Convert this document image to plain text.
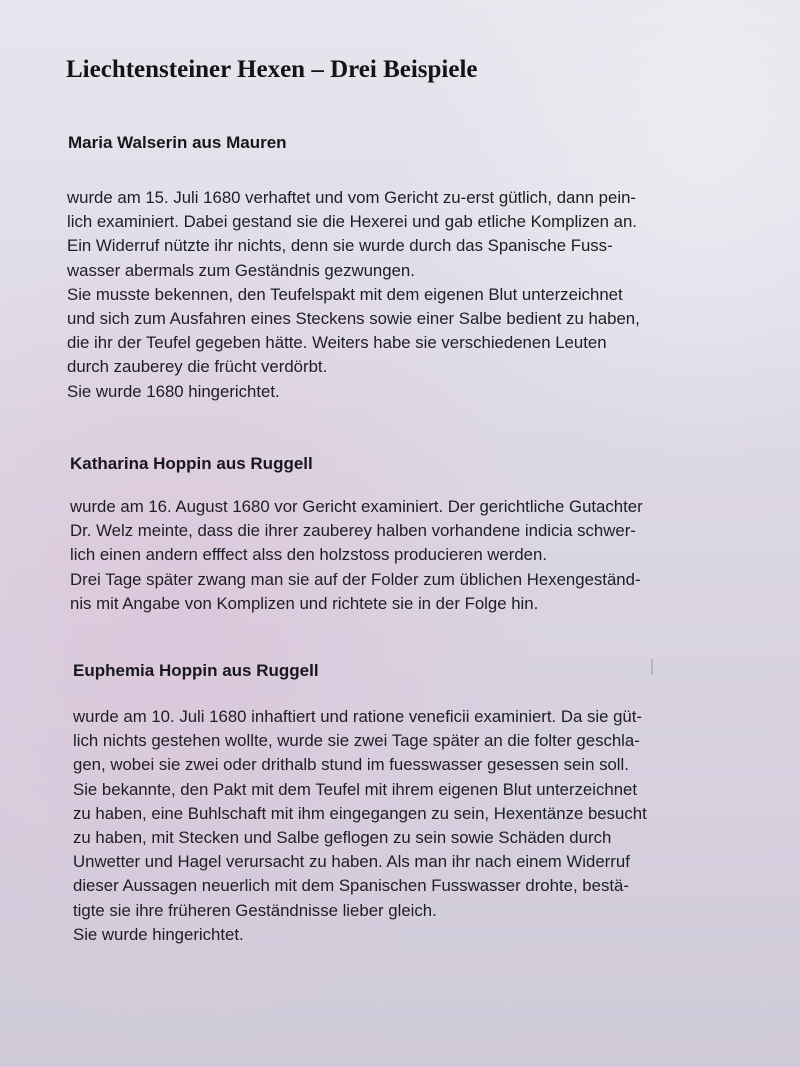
Liechtensteiner Hexen – Drei Beispiele
Maria Walserin aus Mauren

wurde am 15. Juli 1680 verhaftet und vom Gericht zu-erst gütlich, dann pein-
lich examiniert. Dabei gestand sie die Hexerei und gab etliche Komplizen an.
Ein Widerruf nützte ihr nichts, denn sie wurde durch das Spanische Fuss-
wasser abermals zum Geständnis gezwungen.
Sie musste bekennen, den Teufelspakt mit dem eigenen Blut unterzeichnet
und sich zum Ausfahren eines Steckens sowie einer Salbe bedient zu haben,
die ihr der Teufel gegeben hätte. Weiters habe sie verschiedenen Leuten
durch zauberey die frücht verdörbt.
Sie wurde 1680 hingerichtet.

Katharina Hoppin aus Ruggell

wurde am 16. August 1680 vor Gericht examiniert. Der gerichtliche Gutachter
Dr. Welz meinte, dass die ihrer zauberey halben vorhandene indicia schwer-
lich einen andern efffect alss den holzstoss producieren werden.
Drei Tage später zwang man sie auf der Folder zum üblichen Hexengeständ-
nis mit Angabe von Komplizen und richtete sie in der Folge hin.

Euphemia Hoppin aus Ruggell

wurde am 10. Juli 1680 inhaftiert und ratione veneficii examiniert. Da sie güt-
lich nichts gestehen wollte, wurde sie zwei Tage später an die folter geschla-
gen, wobei sie zwei oder drithalb stund im fuesswasser gesessen sein soll.
Sie bekannte, den Pakt mit dem Teufel mit ihrem eigenen Blut unterzeichnet
zu haben, eine Buhlschaft mit ihm eingegangen zu sein, Hexentänze besucht
zu haben, mit Stecken und Salbe geflogen zu sein sowie Schäden durch
Unwetter und Hagel verursacht zu haben. Als man ihr nach einem Widerruf
dieser Aussagen neuerlich mit dem Spanischen Fusswasser drohte, bestä-
tigte sie ihre früheren Geständnisse lieber gleich.
Sie wurde hingerichtet.
